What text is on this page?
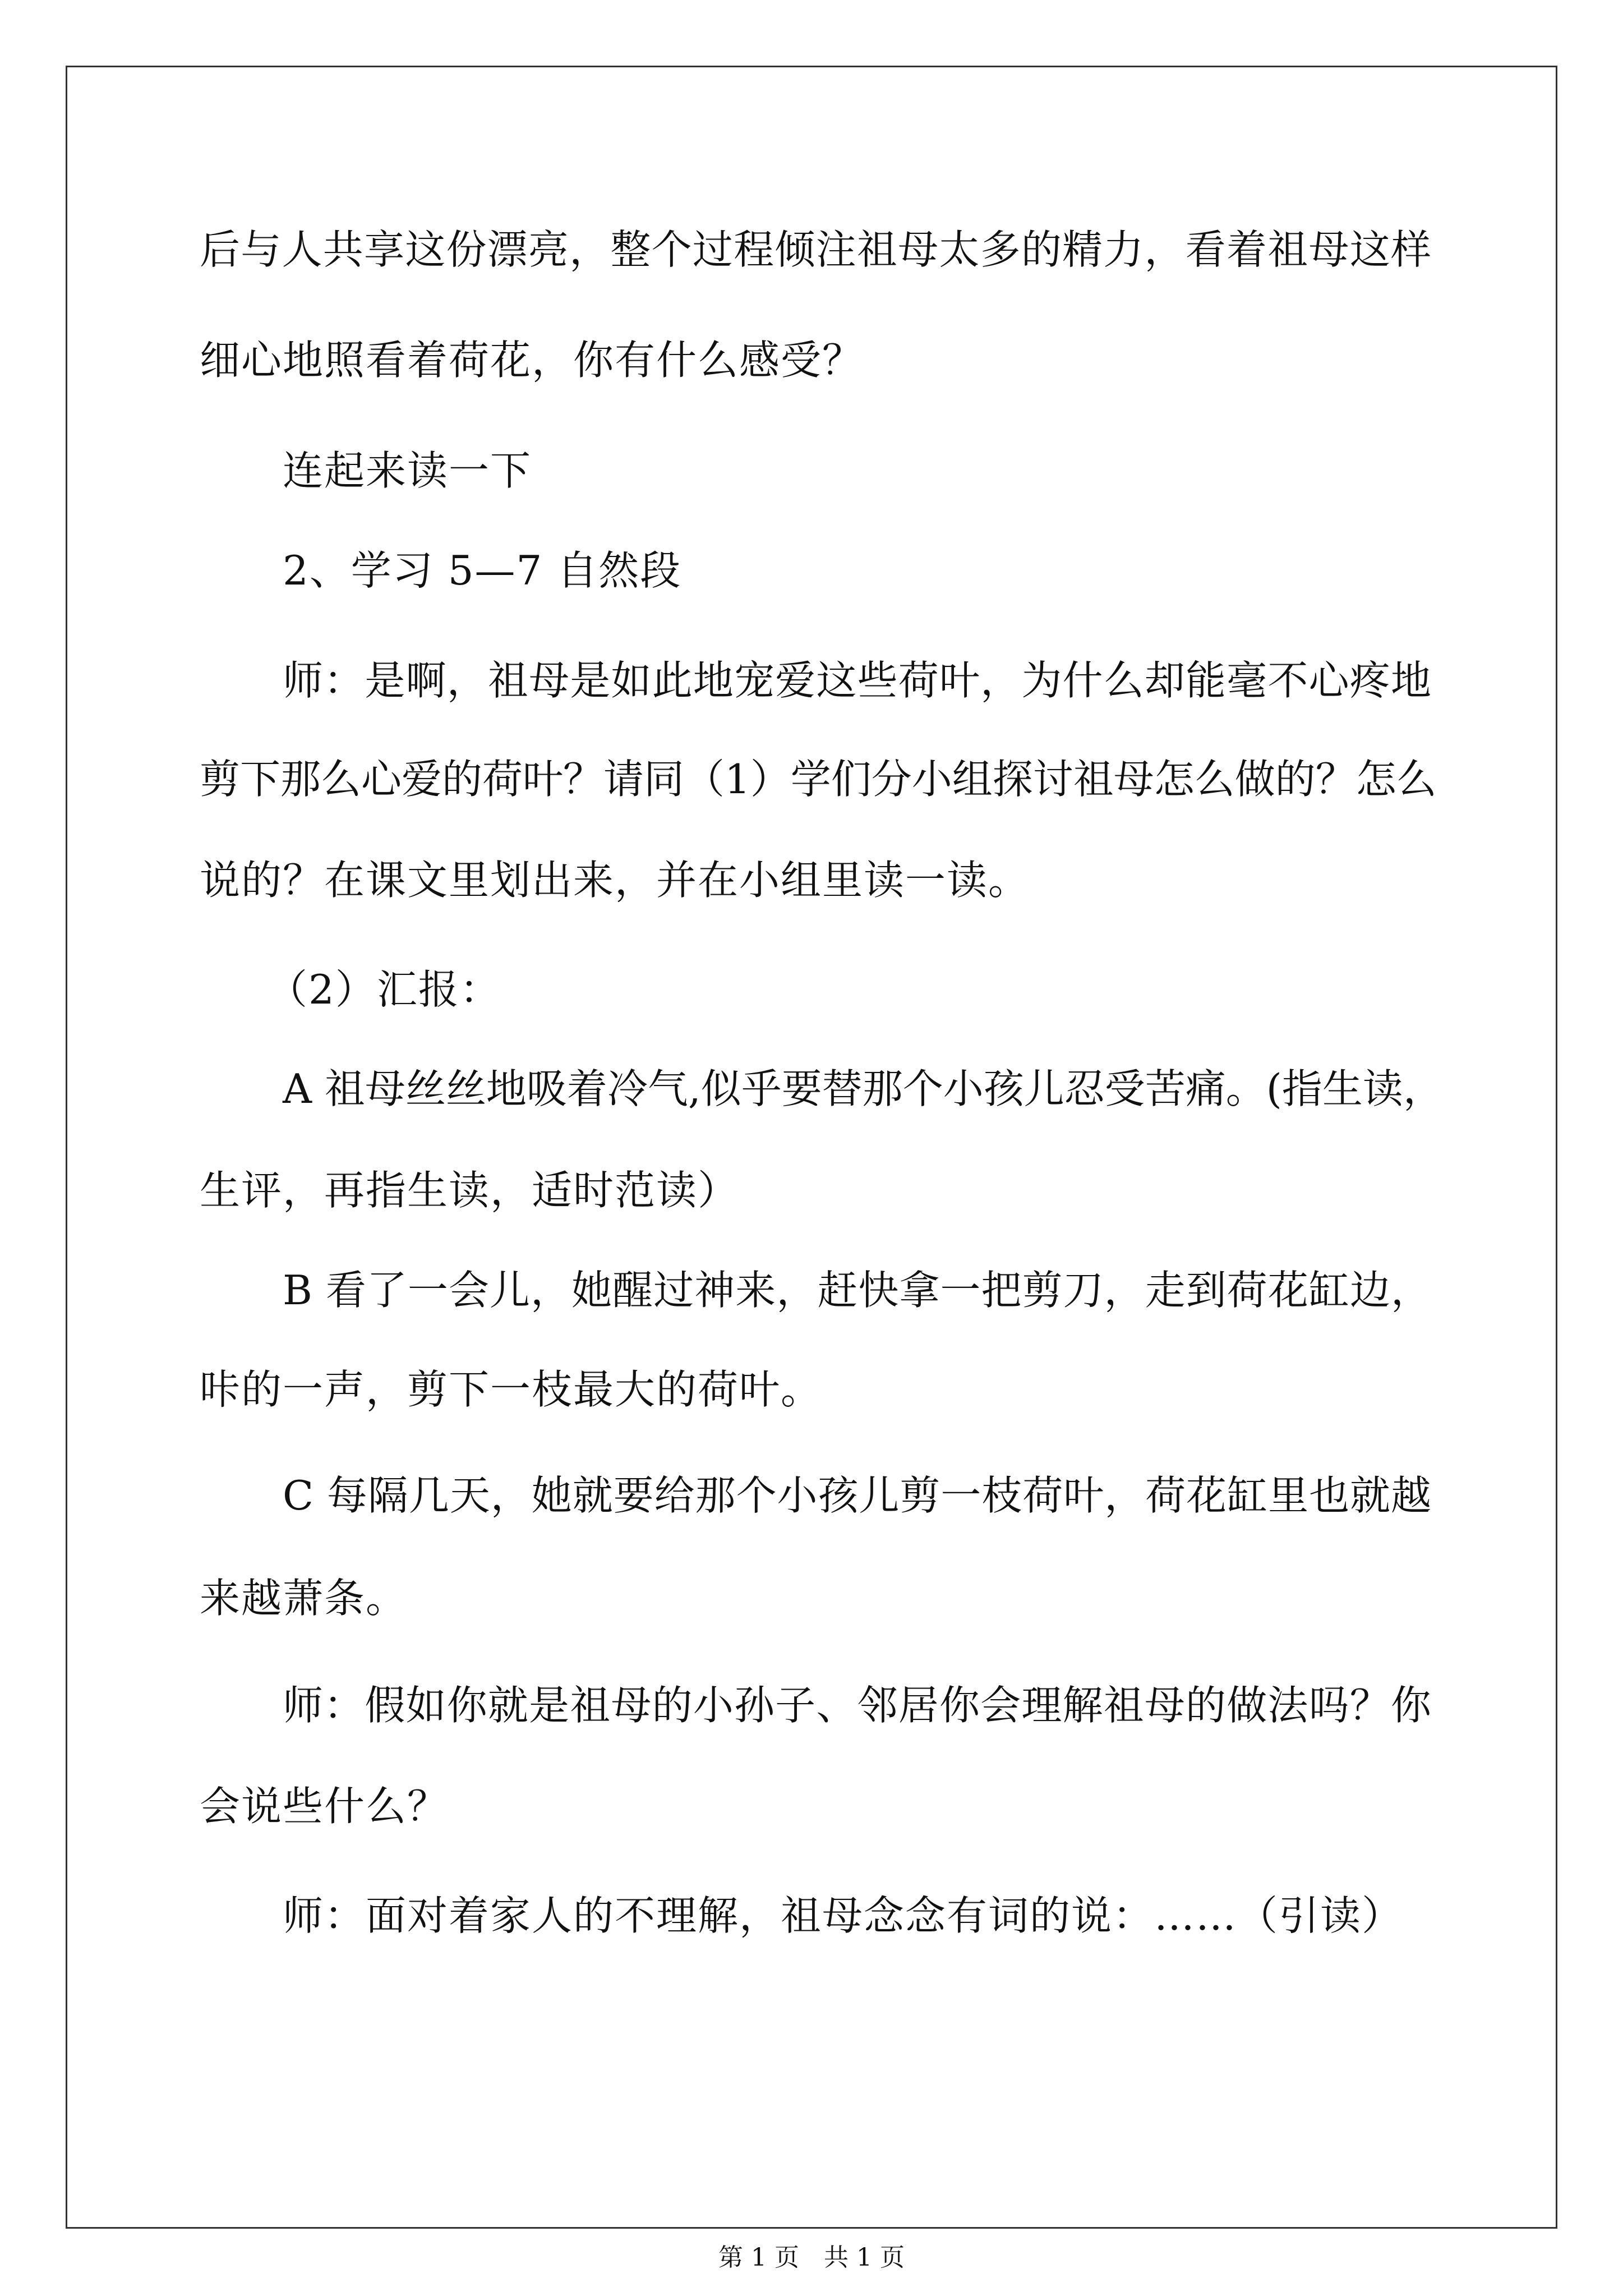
后与人共享这份漂亮，整个过程倾注祖母太多的精力，看着祖母这样
细心地照看着荷花，你有什么感受？
连起来读一下
2、学习 5—7 自然段
师：是啊，祖母是如此地宠爱这些荷叶，为什么却能毫不心疼地
剪下那么心爱的荷叶？请同（1）学们分小组探讨祖母怎么做的？怎么
说的？在课文里划出来，并在小组里读一读。
（2）汇报：
A 祖母丝丝地吸着冷气,似乎要替那个小孩儿忍受苦痛。(指生读，
生评，再指生读，适时范读）
B 看了一会儿，她醒过神来，赶快拿一把剪刀，走到荷花缸边，
咔的一声，剪下一枝最大的荷叶。
C 每隔几天，她就要给那个小孩儿剪一枝荷叶，荷花缸里也就越
来越萧条。
师：假如你就是祖母的小孙子、邻居你会理解祖母的做法吗？你
会说些什么？
师：面对着家人的不理解，祖母念念有词的说：……（引读）
第 1 页 共 1 页
